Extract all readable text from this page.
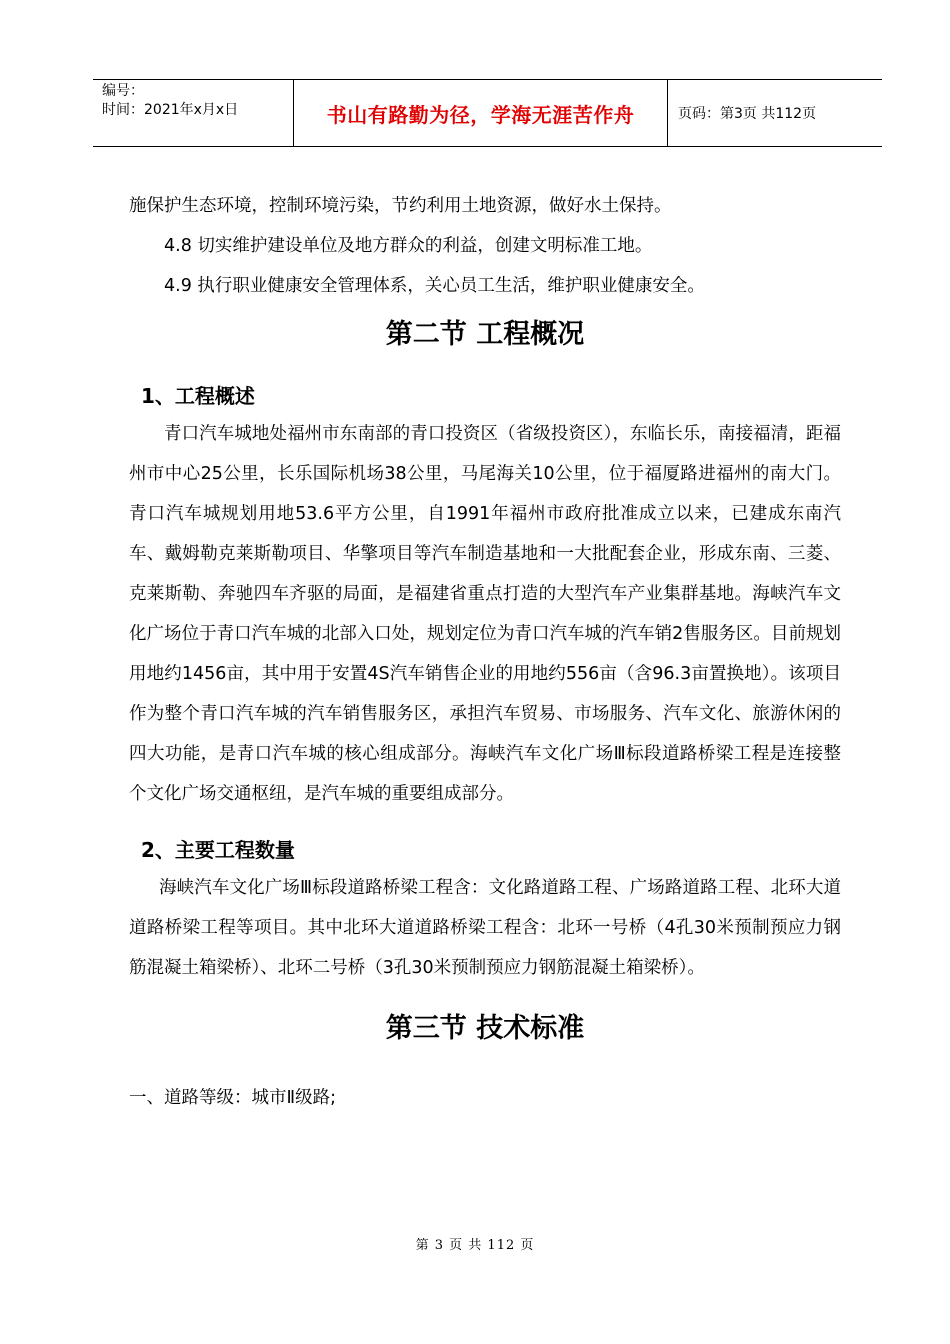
编号：
时间：2021年x月x日	书山有路勤为径，学海无涯苦作舟	页码：第3页 共112页

施保护生态环境，控制环境污染，节约利用土地资源，做好水土保持。

4.8 切实维护建设单位及地方群众的利益，创建文明标准工地。

4.9 执行职业健康安全管理体系，关心员工生活，维护职业健康安全。

第二节 工程概况
1、工程概述

青口汽车城地处福州市东南部的青口投资区（省级投资区），东临长乐，南接福清，距福州市中心25公里，长乐国际机场38公里，马尾海关10公里，位于福厦路进福州的南大门。青口汽车城规划用地53.6平方公里，自1991年福州市政府批准成立以来，已建成东南汽车、戴姆勒克莱斯勒项目、华擎项目等汽车制造基地和一大批配套企业，形成东南、三菱、克莱斯勒、奔驰四车齐驱的局面，是福建省重点打造的大型汽车产业集群基地。海峡汽车文化广场位于青口汽车城的北部入口处，规划定位为青口汽车城的汽车销2售服务区。目前规划用地约1456亩，其中用于安置4S汽车销售企业的用地约556亩（含96.3亩置换地）。该项目作为整个青口汽车城的汽车销售服务区，承担汽车贸易、市场服务、汽车文化、旅游休闲的四大功能，是青口汽车城的核心组成部分。海峡汽车文化广场Ⅲ标段道路桥梁工程是连接整个文化广场交通枢纽，是汽车城的重要组成部分。

2、主要工程数量

海峡汽车文化广场Ⅲ标段道路桥梁工程含：文化路道路工程、广场路道路工程、北环大道道路桥梁工程等项目。其中北环大道道路桥梁工程含：北环一号桥（4孔30米预制预应力钢筋混凝土箱梁桥）、北环二号桥（3孔30米预制预应力钢筋混凝土箱梁桥）。

第三节 技术标准

一、道路等级：城市Ⅱ级路;

第 3 页 共 112 页
